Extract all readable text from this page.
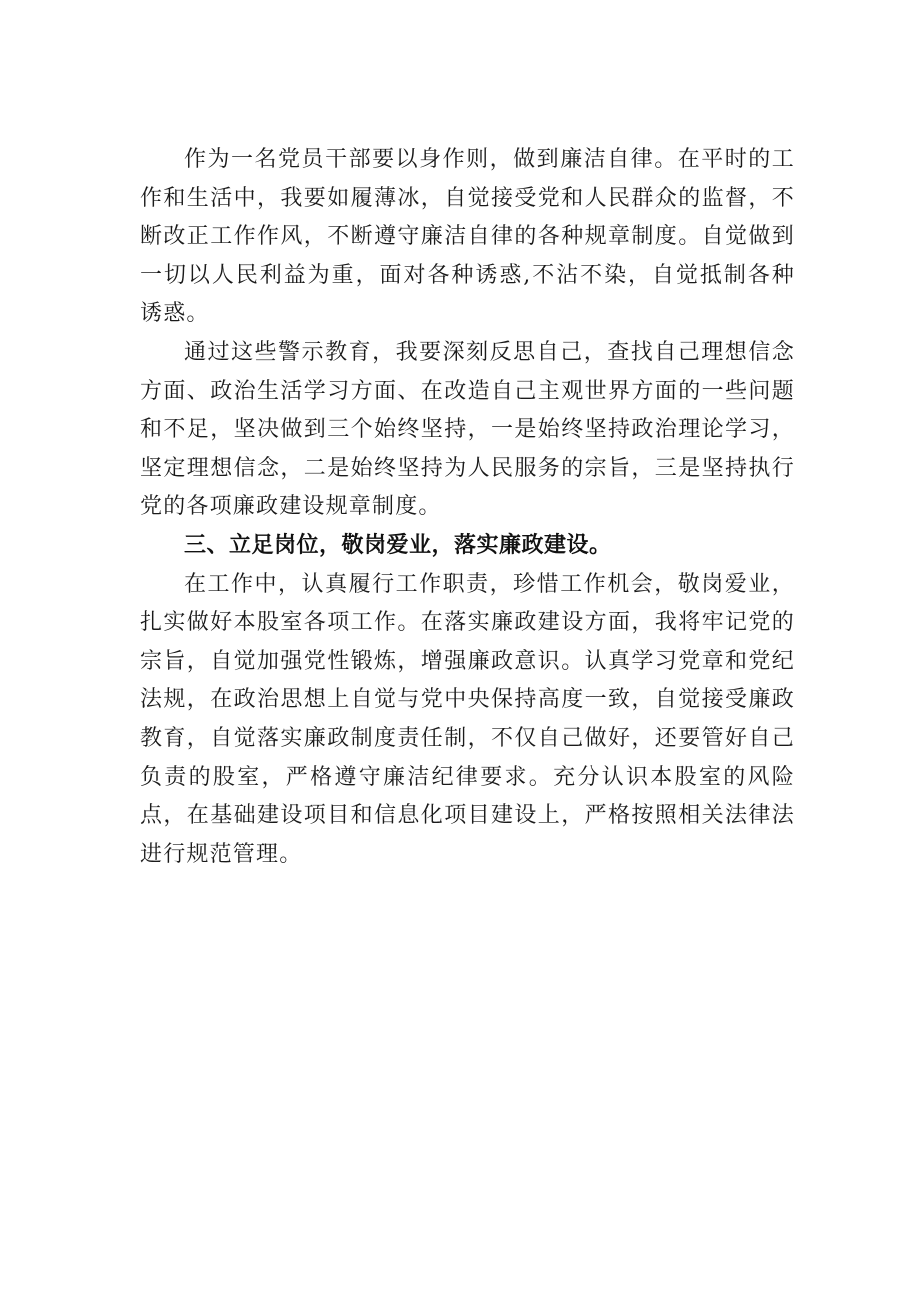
作为一名党员干部要以身作则，做到廉洁自律。在平时的工作和生活中，我要如履薄冰，自觉接受党和人民群众的监督，不断改正工作作风，不断遵守廉洁自律的各种规章制度。自觉做到一切以人民利益为重，面对各种诱惑,不沾不染，自觉抵制各种诱惑。

通过这些警示教育，我要深刻反思自己，查找自己理想信念方面、政治生活学习方面、在改造自己主观世界方面的一些问题和不足，坚决做到三个始终坚持，一是始终坚持政治理论学习，坚定理想信念，二是始终坚持为人民服务的宗旨，三是坚持执行党的各项廉政建设规章制度。

三、立足岗位，敬岗爱业，落实廉政建设。

在工作中，认真履行工作职责，珍惜工作机会，敬岗爱业，扎实做好本股室各项工作。在落实廉政建设方面，我将牢记党的宗旨，自觉加强党性锻炼，增强廉政意识。认真学习党章和党纪法规，在政治思想上自觉与党中央保持高度一致，自觉接受廉政教育，自觉落实廉政制度责任制，不仅自己做好，还要管好自己负责的股室，严格遵守廉洁纪律要求。充分认识本股室的风险点，在基础建设项目和信息化项目建设上，严格按照相关法律法进行规范管理。
